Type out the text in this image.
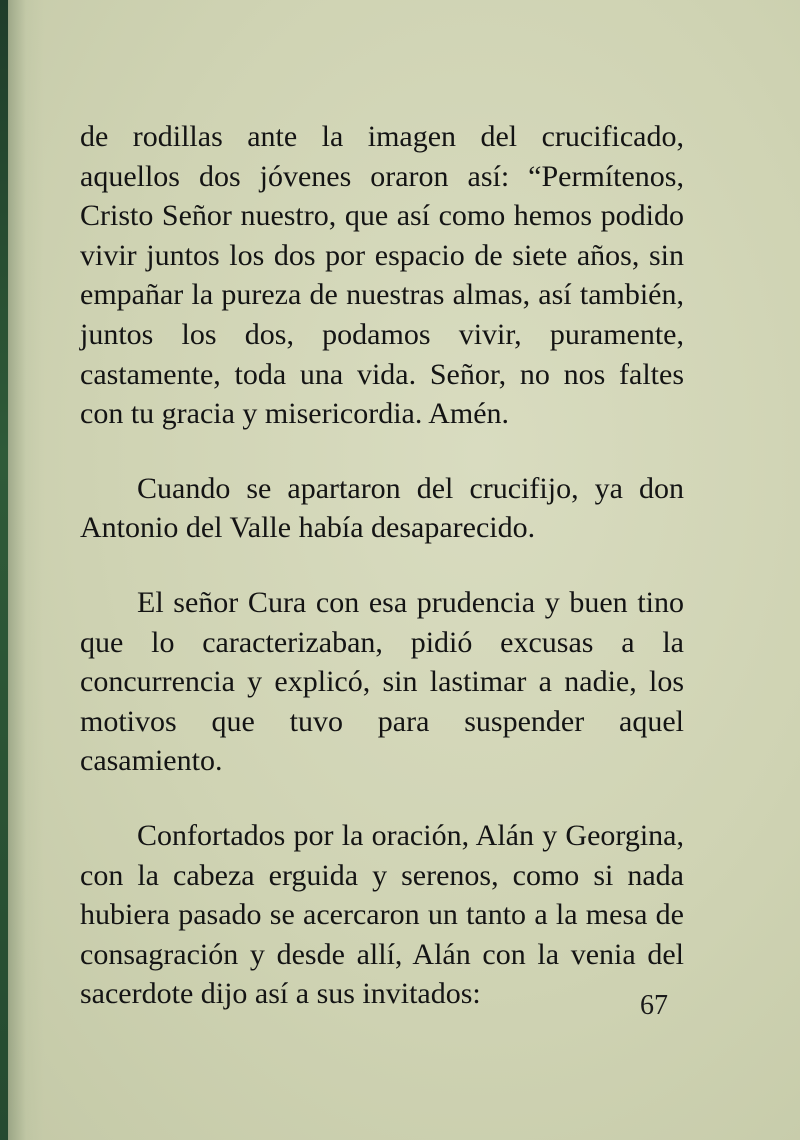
de rodillas ante la imagen del crucificado, aquellos dos jóvenes oraron así: “Permítenos, Cristo Señor nuestro, que así como hemos podido vivir juntos los dos por espacio de siete años, sin empañar la pureza de nuestras almas, así también, juntos los dos, podamos vivir, puramente, castamente, toda una vida. Señor, no nos faltes con tu gracia y misericordia. Amén.

Cuando se apartaron del crucifijo, ya don Antonio del Valle había desaparecido.

El señor Cura con esa prudencia y buen tino que lo caracterizaban, pidió excusas a la concurrencia y explicó, sin lastimar a nadie, los motivos que tuvo para suspender aquel casamiento.

Confortados por la oración, Alán y Georgina, con la cabeza erguida y serenos, como si nada hubiera pasado se acercaron un tanto a la mesa de consagración y desde allí, Alán con la venia del sacerdote dijo así a sus invitados:	67
